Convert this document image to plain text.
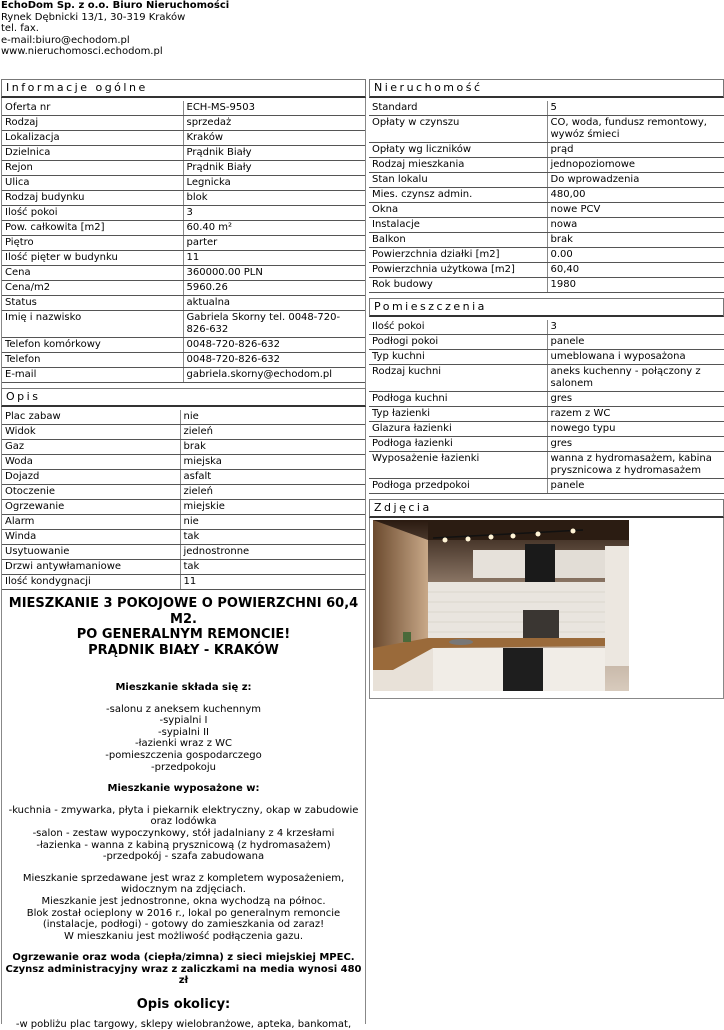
EchoDom Sp. z o.o. Biuro Nieruchomości
Rynek Dębnicki 13/1, 30-319 Kraków
tel. fax.
e-mail:biuro@echodom.pl
www.nieruchomosci.echodom.pl
Informacje ogólne
Oferta nr	ECH-MS-9503
Rodzaj	sprzedaż
Lokalizacja	Kraków
Dzielnica	Prądnik Biały
Rejon	Prądnik Biały
Ulica	Legnicka
Rodzaj budynku	blok
Ilość pokoi	3
Pow. całkowita [m2]	60.40 m²
Piętro	parter
Ilość pięter w budynku	11
Cena	360000.00 PLN
Cena/m2	5960.26
Status	aktualna
Imię i nazwisko	Gabriela Skorny tel. 0048-720-826-632
Telefon komórkowy	0048-720-826-632
Telefon	0048-720-826-632
E-mail	gabriela.skorny@echodom.pl
Opis
Plac zabaw	nie
Widok	zieleń
Gaz	brak
Woda	miejska
Dojazd	asfalt
Otoczenie	zieleń
Ogrzewanie	miejskie
Alarm	nie
Winda	tak
Usytuowanie	jednostronne
Drzwi antywłamaniowe	tak
Ilość kondygnacji	11
MIESZKANIE 3 POKOJOWE O POWIERZCHNI 60,4 M2.
PO GENERALNYM REMONCIE!
PRĄDNIK BIAŁY - KRAKÓW
Mieszkanie składa się z:
-salonu z aneksem kuchennym
-sypialni I
-sypialni II
-łazienki wraz z WC
-pomieszczenia gospodarczego
-przedpokoju
Mieszkanie wyposażone w:
-kuchnia - zmywarka, płyta i piekarnik elektryczny, okap w zabudowie oraz lodówka
-salon - zestaw wypoczynkowy, stół jadalniany z 4 krzesłami
-łazienka - wanna z kabiną prysznicową (z hydromasażem)
-przedpokój - szafa zabudowana
Mieszkanie sprzedawane jest wraz z kompletem wyposażeniem, widocznym na zdjęciach.
Mieszkanie jest jednostronne, okna wychodzą na północ.
Blok został ocieplony w 2016 r., lokal po generalnym remoncie (instalacje, podłogi) - gotowy do zamieszkania od zaraz!
W mieszkaniu jest możliwość podłączenia gazu.
Ogrzewanie oraz woda (ciepła/zimna) z sieci miejskiej MPEC.
Czynsz administracyjny wraz z zaliczkami na media wynosi 480 zł
Opis okolicy:
-w pobliżu plac targowy, sklepy wielobranżowe, apteka, bankomat,
Nieruchomość
Standard	5
Opłaty w czynszu	CO, woda, fundusz remontowy, wywóz śmieci
Opłaty wg liczników	prąd
Rodzaj mieszkania	jednopoziomowe
Stan lokalu	Do wprowadzenia
Mies. czynsz admin.	480,00
Okna	nowe PCV
Instalacje	nowa
Balkon	brak
Powierzchnia działki [m2]	0.00
Powierzchnia użytkowa [m2]	60,40
Rok budowy	1980
Pomieszczenia
Ilość pokoi	3
Podłogi pokoi	panele
Typ kuchni	umeblowana i wyposażona
Rodzaj kuchni	aneks kuchenny - połączony z salonem
Podłoga kuchni	gres
Typ łazienki	razem z WC
Glazura łazienki	nowego typu
Podłoga łazienki	gres
Wyposażenie łazienki	wanna z hydromasażem, kabina prysznicowa z hydromasażem
Podłoga przedpokoi	panele
Zdjęcia
